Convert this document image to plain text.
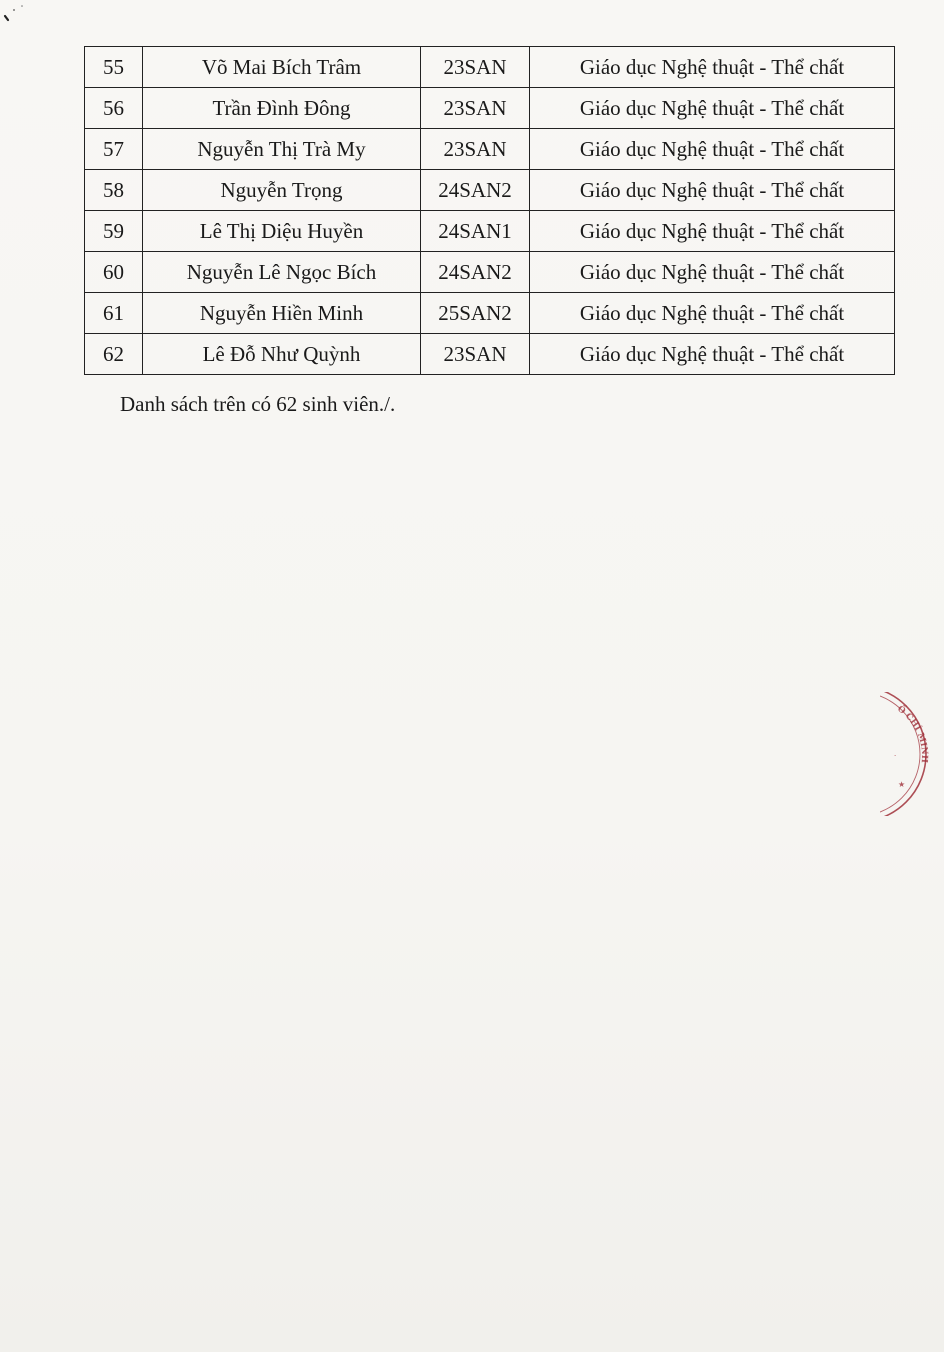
55	Võ Mai Bích Trâm	23SAN	Giáo dục Nghệ thuật - Thể chất
56	Trần Đình Đông	23SAN	Giáo dục Nghệ thuật - Thể chất
57	Nguyễn Thị Trà My	23SAN	Giáo dục Nghệ thuật - Thể chất
58	Nguyễn Trọng	24SAN2	Giáo dục Nghệ thuật - Thể chất
59	Lê Thị Diệu Huyền	24SAN1	Giáo dục Nghệ thuật - Thể chất
60	Nguyễn Lê Ngọc Bích	24SAN2	Giáo dục Nghệ thuật - Thể chất
61	Nguyễn Hiền Minh	25SAN2	Giáo dục Nghệ thuật - Thể chất
62	Lê Đỗ Như Quỳnh	23SAN	Giáo dục Nghệ thuật - Thể chất
Danh sách trên có 62 sinh viên./.
Ồ CHÍ MINH
·
★
